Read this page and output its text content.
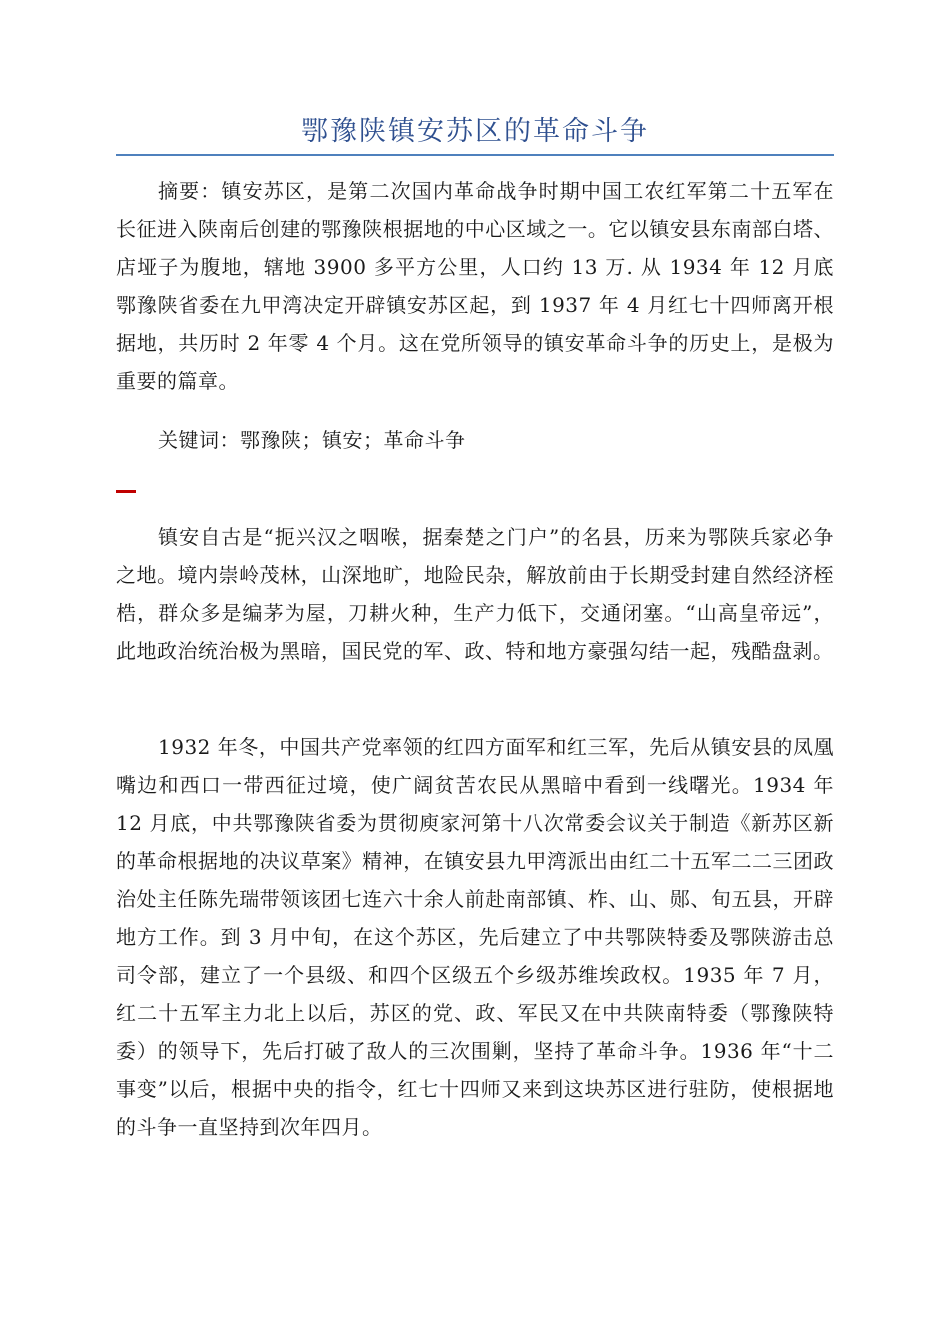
鄂豫陕镇安苏区的革命斗争

摘要：镇安苏区，是第二次国内革命战争时期中国工农红军第二十五军在长征进入陕南后创建的鄂豫陕根据地的中心区域之一。它以镇安县东南部白塔、店垭子为腹地，辖地 3900 多平方公里，人口约 13 万. 从 1934 年 12 月底鄂豫陕省委在九甲湾决定开辟镇安苏区起，到 1937 年 4 月红七十四师离开根据地，共历时 2 年零 4 个月。这在党所领导的镇安革命斗争的历史上，是极为重要的篇章。

关键词：鄂豫陕；镇安；革命斗争

镇安自古是“扼兴汉之咽喉，据秦楚之门户”的名县，历来为鄂陕兵家必争之地。境内崇岭茂林，山深地旷，地险民杂，解放前由于长期受封建自然经济桎梏，群众多是编茅为屋，刀耕火种，生产力低下，交通闭塞。“山高皇帝远”，此地政治统治极为黑暗，国民党的军、政、特和地方豪强勾结一起，残酷盘剥。

1932 年冬，中国共产党率领的红四方面军和红三军，先后从镇安县的凤凰嘴边和西口一带西征过境，使广阔贫苦农民从黑暗中看到一线曙光。1934 年 12 月底，中共鄂豫陕省委为贯彻庾家河第十八次常委会议关于制造《新苏区新的革命根据地的决议草案》精神，在镇安县九甲湾派出由红二十五军二二三团政治处主任陈先瑞带领该团七连六十余人前赴南部镇、柞、山、郧、旬五县，开辟地方工作。到 3 月中旬，在这个苏区，先后建立了中共鄂陕特委及鄂陕游击总司令部，建立了一个县级、和四个区级五个乡级苏维埃政权。1935 年 7 月，红二十五军主力北上以后，苏区的党、政、军民又在中共陕南特委（鄂豫陕特委）的领导下，先后打破了敌人的三次围剿，坚持了革命斗争。1936 年“十二事变”以后，根据中央的指令，红七十四师又来到这块苏区进行驻防，使根据地的斗争一直坚持到次年四月。
